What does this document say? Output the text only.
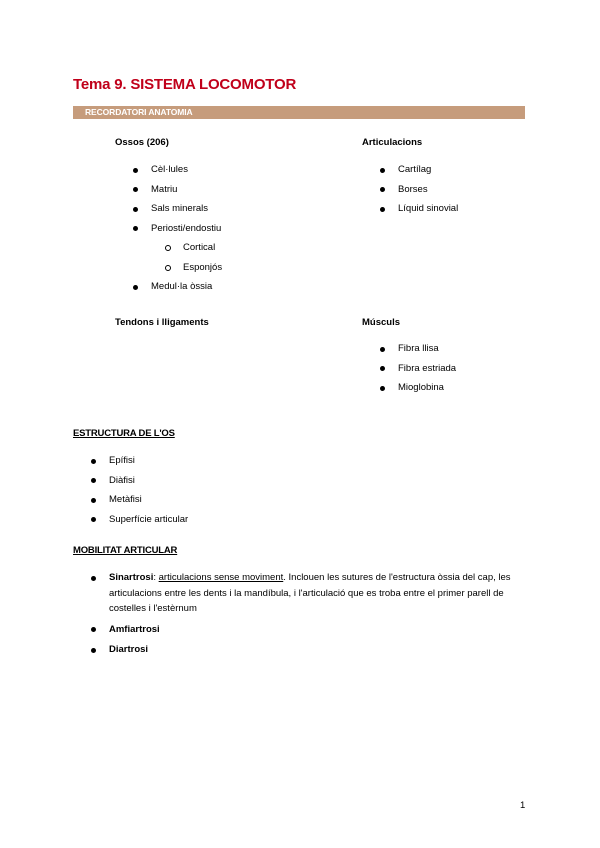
Tema 9. SISTEMA LOCOMOTOR
RECORDATORI ANATOMIA
Ossos (206)
Cèl·lules
Matriu
Sals minerals
Periosti/endostiu
Cortical
Esponjós
Medul·la òssia
Articulacions
Cartílag
Borses
Líquid sinovial
Tendons i lligaments	Músculs
Fibra llisa
Fibra estriada
Mioglobina
ESTRUCTURA DE L'OS
Epífisi
Diàfisi
Metàfisi
Superfície articular
MOBILITAT ARTICULAR
Sinartrosi: articulacions sense moviment. Inclouen les sutures de l'estructura òssia del cap, les articulacions entre les dents i la mandíbula, i l'articulació que es troba entre el primer parell de costelles i l'estèrnum
Amfiartrosi
Diartrosi
1
